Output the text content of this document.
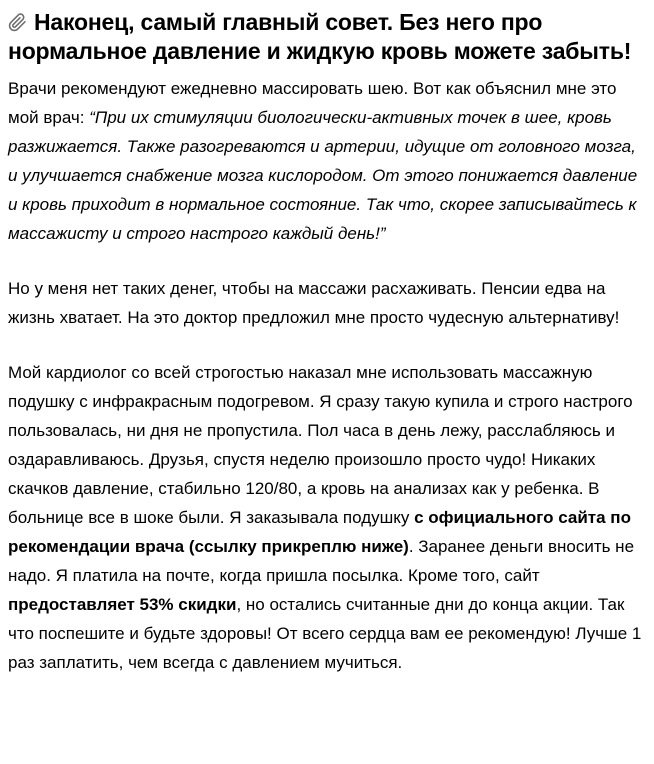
Наконец, самый главный совет. Без него про нормальное давление и жидкую кровь можете забыть!

Врачи рекомендуют ежедневно массировать шею. Вот как объяснил мне это мой врач: “При их стимуляции биологически-активных точек в шее, кровь разжижается. Также разогреваются и артерии, идущие от головного мозга, и улучшается снабжение мозга кислородом. От этого понижается давление и кровь приходит в нормальное состояние. Так что, скорее записывайтесь к массажисту и строго настрого каждый день!”

Но у меня нет таких денег, чтобы на массажи расхаживать. Пенсии едва на жизнь хватает. На это доктор предложил мне просто чудесную альтернативу!

Мой кардиолог со всей строгостью наказал мне использовать массажную подушку с инфракрасным подогревом. Я сразу такую купила и строго настрого пользовалась, ни дня не пропустила. Пол часа в день лежу, расслабляюсь и оздаравливаюсь. Друзья, спустя неделю произошло просто чудо! Никаких скачков давление, стабильно 120/80, а кровь на анализах как у ребенка. В больнице все в шоке были. Я заказывала подушку с официального сайта по рекомендации врача (ссылку прикреплю ниже). Заранее деньги вносить не надо. Я платила на почте, когда пришла посылка. Кроме того, сайт предоставляет 53% скидки, но остались считанные дни до конца акции. Так что поспешите и будьте здоровы! От всего сердца вам ее рекомендую! Лучше 1 раз заплатить, чем всегда с давлением мучиться.
